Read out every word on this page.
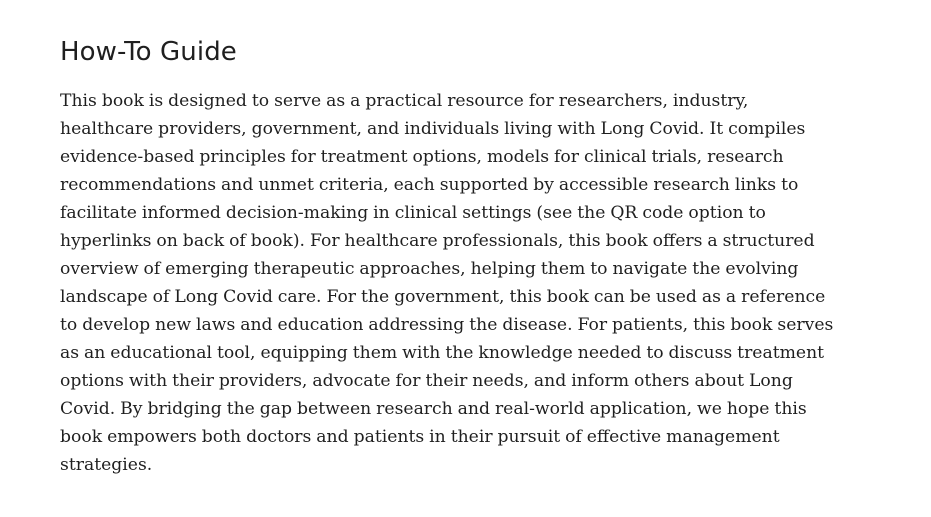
How-To Guide

This book is designed to serve as a practical resource for researchers, industry,
healthcare providers, government, and individuals living with Long Covid. It compiles
evidence-based principles for treatment options, models for clinical trials, research
recommendations and unmet criteria, each supported by accessible research links to
facilitate informed decision-making in clinical settings (see the QR code option to
hyperlinks on back of book). For healthcare professionals, this book offers a structured
overview of emerging therapeutic approaches, helping them to navigate the evolving
landscape of Long Covid care. For the government, this book can be used as a reference
to develop new laws and education addressing the disease. For patients, this book serves
as an educational tool, equipping them with the knowledge needed to discuss treatment
options with their providers, advocate for their needs, and inform others about Long
Covid. By bridging the gap between research and real-world application, we hope this
book empowers both doctors and patients in their pursuit of effective management
strategies.
